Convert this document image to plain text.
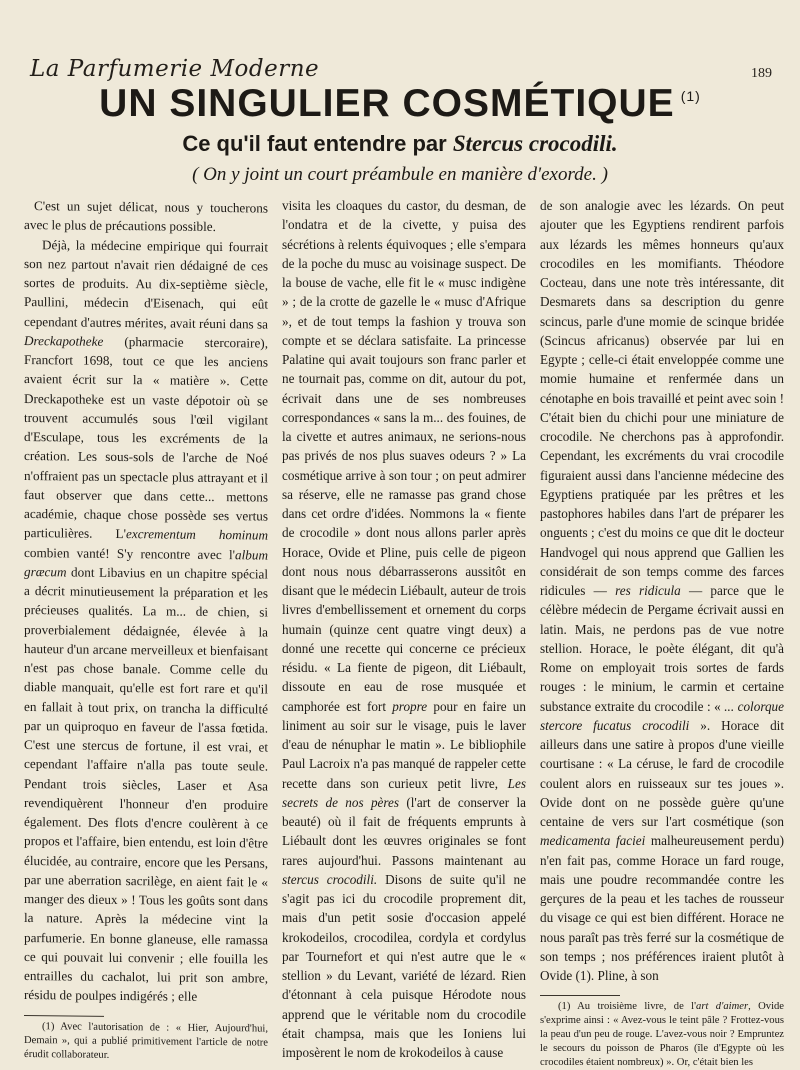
La Parfumerie Moderne	189
UN SINGULIER COSMÉTIQUE $^{(1)}$
Ce qu'il faut entendre par Stercus crocodili.
( On y joint un court préambule en manière d'exorde. )

C'est un sujet délicat, nous y toucherons avec le plus de précautions possible.

Déjà, la médecine empirique qui fourrait son nez partout n'avait rien dédaigné de ces sortes de produits. Au dix-septième siècle, Paullini, médecin d'Eisenach, qui eût cependant d'autres mérites, avait réuni dans sa Dreckapotheke (pharmacie stercoraire), Francfort 1698, tout ce que les anciens avaient écrit sur la « matière ». Cette Dreckapotheke est un vaste dépotoir où se trouvent accumulés sous l'œil vigilant d'Esculape, tous les excréments de la création. Les sous-sols de l'arche de Noé n'offraient pas un spectacle plus attrayant et il faut observer que dans cette... mettons académie, chaque chose possède ses vertus particulières. L'excrementum hominum combien vanté! S'y rencontre avec l'album græcum dont Libavius en un chapitre spécial a décrit minutieusement la préparation et les précieuses qualités. La m... de chien, si proverbialement dédaignée, élevée à la hauteur d'un arcane merveilleux et bienfaisant n'est pas chose banale. Comme celle du diable manquait, qu'elle est fort rare et qu'il en fallait à tout prix, on trancha la difficulté par un quiproquo en faveur de l'assa fœtida. C'est une stercus de fortune, il est vrai, et cependant l'affaire n'alla pas toute seule. Pendant trois siècles, Laser et Asa revendiquèrent l'honneur d'en produire également. Des flots d'encre coulèrent à ce propos et l'affaire, bien entendu, est loin d'être élucidée, au contraire, encore que les Persans, par une aberration sacrilège, en aient fait le « manger des dieux » ! Tous les goûts sont dans la nature. Après la médecine vint la parfumerie. En bonne glaneuse, elle ramassa ce qui pouvait lui convenir ; elle fouilla les entrailles du cachalot, lui prit son ambre, résidu de poulpes indigérés ; elle

(1) Avec l'autorisation de : « Hier, Aujourd'hui, Demain », qui a publié primitivement l'article de notre érudit collaborateur.

visita les cloaques du castor, du desman, de l'ondatra et de la civette, y puisa des sécrétions à relents équivoques ; elle s'empara de la poche du musc au voisinage suspect. De la bouse de vache, elle fit le « musc indigène » ; de la crotte de gazelle le « musc d'Afrique », et de tout temps la fashion y trouva son compte et se déclara satisfaite. La princesse Palatine qui avait toujours son franc parler et ne tournait pas, comme on dit, autour du pot, écrivait dans une de ses nombreuses correspondances « sans la m... des fouines, de la civette et autres animaux, ne serions-nous pas privés de nos plus suaves odeurs ? » La cosmétique arrive à son tour ; on peut admirer sa réserve, elle ne ramasse pas grand chose dans cet ordre d'idées. Nommons la « fiente de crocodile » dont nous allons parler après Horace, Ovide et Pline, puis celle de pigeon dont nous nous débarrasserons aussitôt en disant que le médecin Liébault, auteur de trois livres d'embellissement et ornement du corps humain (quinze cent quatre vingt deux) a donné une recette qui concerne ce précieux résidu. « La fiente de pigeon, dit Liébault, dissoute en eau de rose musquée et camphorée est fort propre pour en faire un liniment au soir sur le visage, puis le laver d'eau de nénuphar le matin ». Le bibliophile Paul Lacroix n'a pas manqué de rappeler cette recette dans son curieux petit livre, Les secrets de nos pères (l'art de conserver la beauté) où il fait de fréquents emprunts à Liébault dont les œuvres originales se font rares aujourd'hui. Passons maintenant au stercus crocodili. Disons de suite qu'il ne s'agit pas ici du crocodile proprement dit, mais d'un petit sosie d'occasion appelé krokodeilos, crocodilea, cordyla et cordylus par Tournefort et qui n'est autre que le « stellion » du Levant, variété de lézard. Rien d'étonnant à cela puisque Hérodote nous apprend que le véritable nom du crocodile était champsa, mais que les Ioniens lui imposèrent le nom de krokodeilos à cause

de son analogie avec les lézards. On peut ajouter que les Egyptiens rendirent parfois aux lézards les mêmes honneurs qu'aux crocodiles en les momifiants. Théodore Cocteau, dans une note très intéressante, dit Desmarets dans sa description du genre scincus, parle d'une momie de scinque bridée (Scincus africanus) observée par lui en Egypte ; celle-ci était enveloppée comme une momie humaine et renfermée dans un cénotaphe en bois travaillé et peint avec soin ! C'était bien du chichi pour une miniature de crocodile. Ne cherchons pas à approfondir. Cependant, les excréments du vrai crocodile figuraient aussi dans l'ancienne médecine des Egyptiens pratiquée par les prêtres et les pastophores habiles dans l'art de préparer les onguents ; c'est du moins ce que dit le docteur Handvogel qui nous apprend que Gallien les considérait de son temps comme des farces ridicules — res ridicula — parce que le célèbre médecin de Pergame écrivait aussi en latin. Mais, ne perdons pas de vue notre stellion. Horace, le poète élégant, dit qu'à Rome on employait trois sortes de fards rouges : le minium, le carmin et certaine substance extraite du crocodile : « ... colorque stercore fucatus crocodili ». Horace dit ailleurs dans une satire à propos d'une vieille courtisane : « La céruse, le fard de crocodile coulent alors en ruisseaux sur tes joues ». Ovide dont on ne possède guère qu'une centaine de vers sur l'art cosmétique (son medicamenta faciei malheureusement perdu) n'en fait pas, comme Horace un fard rouge, mais une poudre recommandée contre les gerçures de la peau et les taches de rousseur du visage ce qui est bien différent. Horace ne nous paraît pas très ferré sur la cosmétique de son temps ; nos préférences iraient plutôt à Ovide (1). Pline, à son

(1) Au troisième livre, de l'art d'aimer, Ovide s'exprime ainsi : « Avez-vous le teint pâle ? Frottez-vous la peau d'un peu de rouge. L'avez-vous noir ? Empruntez le secours du poisson de Pharos (île d'Egypte où les crocodiles étaient nombreux) ». Or, c'était bien les
